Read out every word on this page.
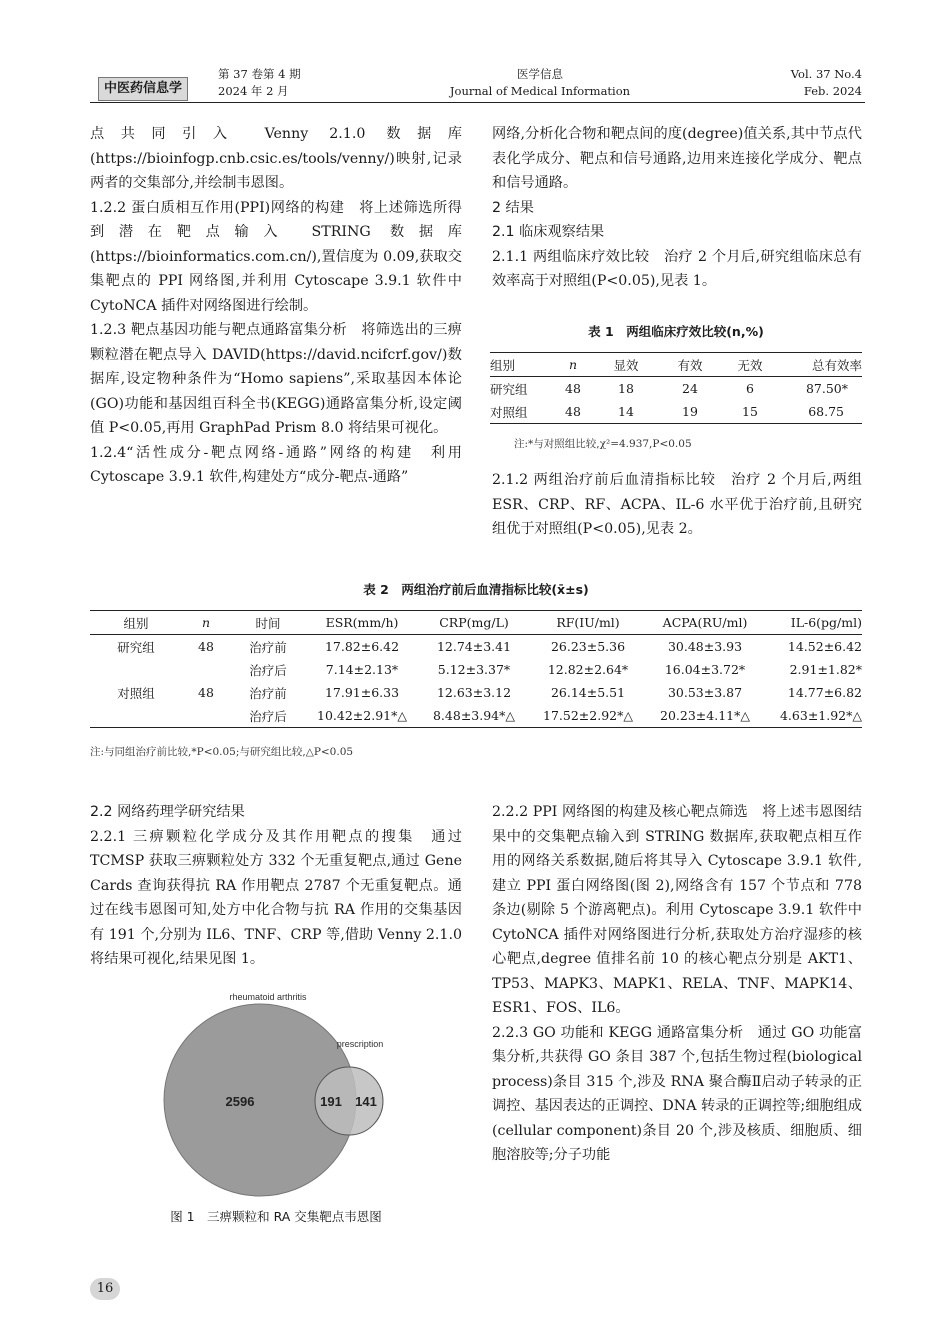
中医药信息学
第 37 卷第 4 期
2024 年 2 月
医学信息
Journal of Medical Information
Vol. 37 No.4
Feb. 2024

点共同引入 Venny 2.1.0 数据库(https://bioinfogp.cnb.csic.es/tools/venny/)映射,记录两者的交集部分,并绘制韦恩图。

1.2.2 蛋白质相互作用(PPI)网络的构建　将上述筛选所得到潜在靶点输入 STRING 数据库(https://bioinformatics.com.cn/),置信度为 0.09,获取交集靶点的 PPI 网络图,并利用 Cytoscape 3.9.1 软件中 CytoNCA 插件对网络图进行绘制。

1.2.3 靶点基因功能与靶点通路富集分析　将筛选出的三痹颗粒潜在靶点导入 DAVID(https://david.ncifcrf.gov/)数据库,设定物种条件为“Homo sapiens”,采取基因本体论(GO)功能和基因组百科全书(KEGG)通路富集分析,设定阈值 P<0.05,再用 GraphPad Prism 8.0 将结果可视化。

1.2.4“活性成分-靶点网络-通路”网络的构建　利用 Cytoscape 3.9.1 软件,构建处方“成分-靶点-通路”

网络,分析化合物和靶点间的度(degree)值关系,其中节点代表化学成分、靶点和信号通路,边用来连接化学成分、靶点和信号通路。

2 结果

2.1 临床观察结果

2.1.1 两组临床疗效比较　治疗 2 个月后,研究组临床总有效率高于对照组(P<0.05),见表 1。

表 1　两组临床疗效比较(n,%)
组别	n	显效	有效	无效	总有效率
研究组	48	18	24	6	87.50*
对照组	48	14	19	15	68.75
注:*与对照组比较,χ²=4.937,P<0.05

2.1.2 两组治疗前后血清指标比较　治疗 2 个月后,两组 ESR、CRP、RF、ACPA、IL-6 水平优于治疗前,且研究组优于对照组(P<0.05),见表 2。

表 2　两组治疗前后血清指标比较(x̄±s)
组别	n	时间	ESR(mm/h)	CRP(mg/L)	RF(IU/ml)	ACPA(RU/ml)	IL-6(pg/ml)
研究组	48	治疗前	17.82±6.42	12.74±3.41	26.23±5.36	30.48±3.93	14.52±6.42
		治疗后	7.14±2.13*	5.12±3.37*	12.82±2.64*	16.04±3.72*	2.91±1.82*
对照组	48	治疗前	17.91±6.33	12.63±3.12	26.14±5.51	30.53±3.87	14.77±6.82
		治疗后	10.42±2.91*△	8.48±3.94*△	17.52±2.92*△	20.23±4.11*△	4.63±1.92*△
注:与同组治疗前比较,*P<0.05;与研究组比较,△P<0.05

2.2 网络药理学研究结果

2.2.1 三痹颗粒化学成分及其作用靶点的搜集　通过 TCMSP 获取三痹颗粒处方 332 个无重复靶点,通过 Gene Cards 查询获得抗 RA 作用靶点 2787 个无重复靶点。通过在线韦恩图可知,处方中化合物与抗 RA 作用的交集基因有 191 个,分别为 IL6、TNF、CRP 等,借助 Venny 2.1.0 将结果可视化,结果见图 1。

rheumatoid arthritis
prescription
2596	191 141
图 1　三痹颗粒和 RA 交集靶点韦恩图

2.2.2 PPI 网络图的构建及核心靶点筛选　将上述韦恩图结果中的交集靶点输入到 STRING 数据库,获取靶点相互作用的网络关系数据,随后将其导入 Cytoscape 3.9.1 软件,建立 PPI 蛋白网络图(图 2),网络含有 157 个节点和 778 条边(剔除 5 个游离靶点)。利用 Cytoscape 3.9.1 软件中 CytoNCA 插件对网络图进行分析,获取处方治疗湿疹的核心靶点,degree 值排名前 10 的核心靶点分别是 AKT1、TP53、MAPK3、MAPK1、RELA、TNF、MAPK14、ESR1、FOS、IL6。

2.2.3 GO 功能和 KEGG 通路富集分析　通过 GO 功能富集分析,共获得 GO 条目 387 个,包括生物过程(biological process)条目 315 个,涉及 RNA 聚合酶Ⅱ启动子转录的正调控、基因表达的正调控、DNA 转录的正调控等;细胞组成(cellular component)条目 20 个,涉及核质、细胞质、细胞溶胶等;分子功能

16
